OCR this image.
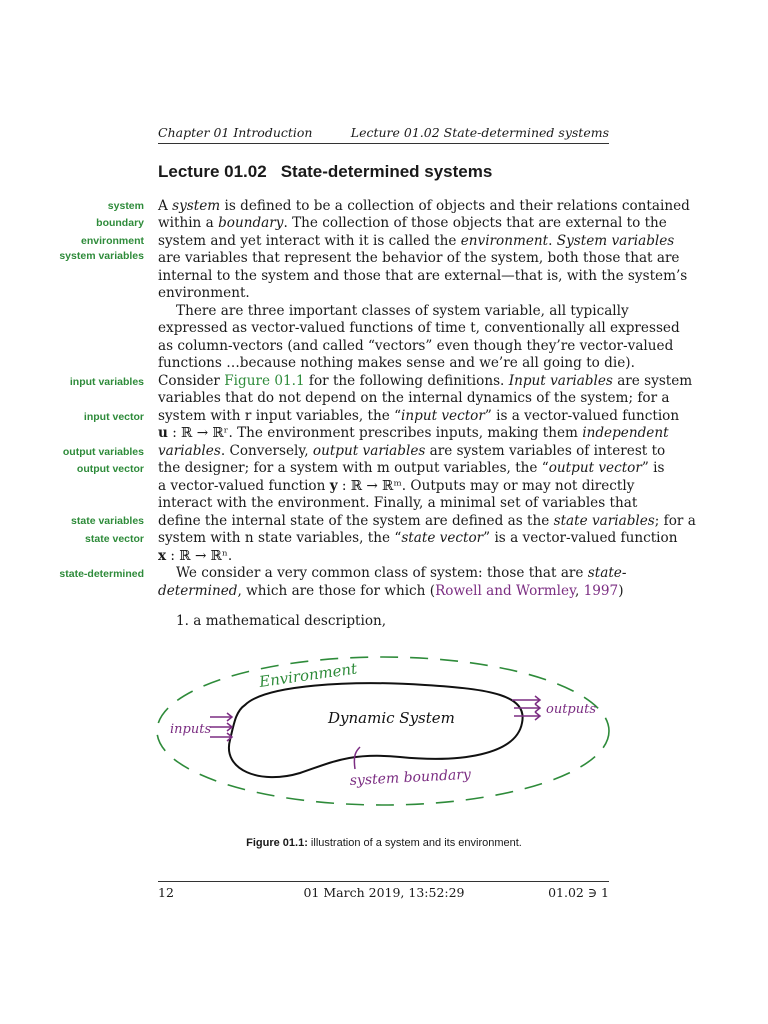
Chapter 01 Introduction	Lecture 01.02 State-determined systems
Lecture 01.02 State-determined systems
system
boundary
environment
system variables
input variables
input vector
output variables
output vector
state variables
state vector
state-determined
A system is defined to be a collection of objects and their relations contained
within a boundary. The collection of those objects that are external to the
system and yet interact with it is called the environment. System variables
are variables that represent the behavior of the system, both those that are
internal to the system and those that are external—that is, with the system’s
environment.
There are three important classes of system variable, all typically
expressed as vector-valued functions of time t, conventionally all expressed
as column-vectors (and called “vectors” even though they’re vector-valued
functions …because nothing makes sense and we’re all going to die).
Consider Figure 01.1 for the following definitions. Input variables are system
variables that do not depend on the internal dynamics of the system; for a
system with r input variables, the “input vector” is a vector-valued function
u : ℝ → ℝʳ. The environment prescribes inputs, making them independent
variables. Conversely, output variables are system variables of interest to
the designer; for a system with m output variables, the “output vector” is
a vector-valued function y : ℝ → ℝᵐ. Outputs may or may not directly
interact with the environment. Finally, a minimal set of variables that
define the internal state of the system are defined as the state variables; for a
system with n state variables, the “state vector” is a vector-valued function
x : ℝ → ℝⁿ.
We consider a very common class of system: those that are state-
determined, which are those for which (Rowell and Wormley, 1997)
1. a mathematical description,
Environment
Dynamic System
inputs
outputs
system boundary
Figure 01.1: illustration of a system and its environment.
12	01 March 2019, 13:52:29	01.02 ∋ 1
